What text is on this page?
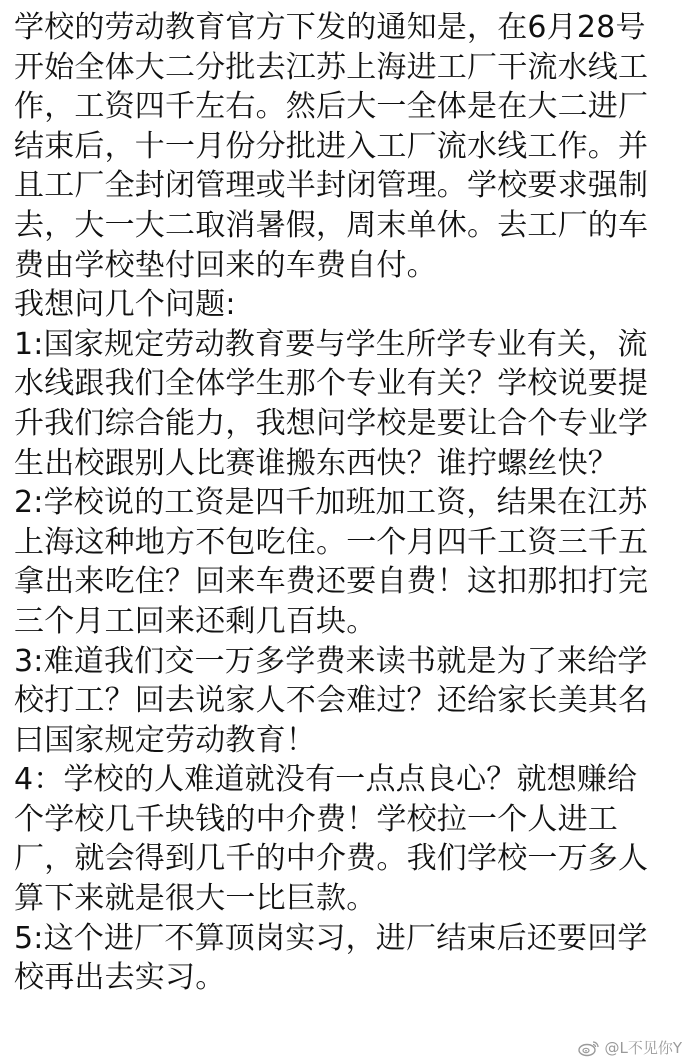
学校的劳动教育官方下发的通知是，在6月28号
开始全体大二分批去江苏上海进工厂干流水线工
作，工资四千左右。然后大一全体是在大二进厂
结束后，十一月份分批进入工厂流水线工作。并
且工厂全封闭管理或半封闭管理。学校要求强制
去，大一大二取消暑假，周末单休。去工厂的车
费由学校垫付回来的车费自付。
我想问几个问题:
1:国家规定劳动教育要与学生所学专业有关，流
水线跟我们全体学生那个专业有关？学校说要提
升我们综合能力，我想问学校是要让合个专业学
生出校跟别人比赛谁搬东西快？谁拧螺丝快？
2:学校说的工资是四千加班加工资，结果在江苏
上海这种地方不包吃住。一个月四千工资三千五
拿出来吃住？回来车费还要自费！这扣那扣打完
三个月工回来还剩几百块。
3:难道我们交一万多学费来读书就是为了来给学
校打工？回去说家人不会难过？还给家长美其名
曰国家规定劳动教育！
4：学校的人难道就没有一点点良心？就想赚给
个学校几千块钱的中介费！学校拉一个人进工
厂，就会得到几千的中介费。我们学校一万多人
算下来就是很大一比巨款。
5:这个进厂不算顶岗实习，进厂结束后还要回学
校再出去实习。
@L不见你Y
